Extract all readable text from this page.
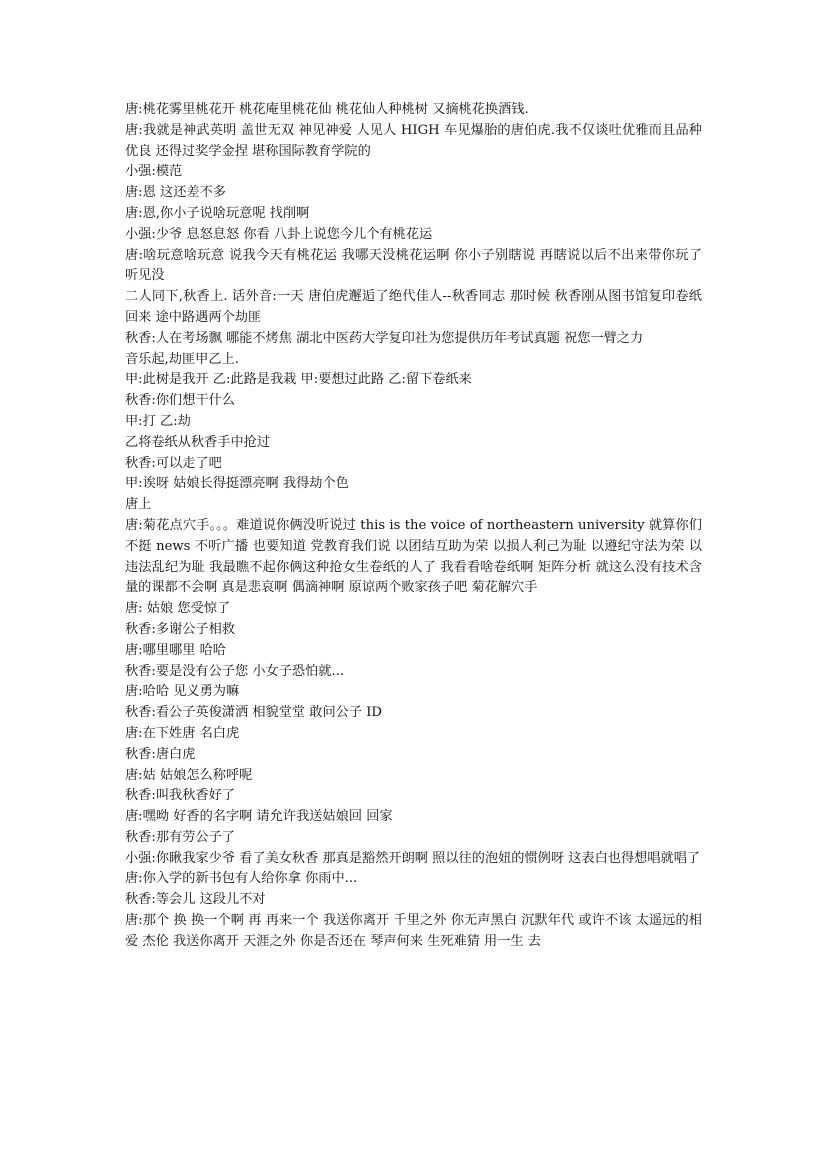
唐:桃花雾里桃花开 桃花庵里桃花仙 桃花仙人种桃树 又摘桃花换酒钱.
唐:我就是神武英明 盖世无双 神见神爱 人见人 HIGH 车见爆胎的唐伯虎.我不仅谈吐优雅而且品种优良 还得过奖学金捏 堪称国际教育学院的
小强:模范
唐:恩 这还差不多
唐:恩,你小子说啥玩意呢 找削啊
小强:少爷 息怒息怒 你看 八卦上说您今儿个有桃花运
唐:啥玩意啥玩意 说我今天有桃花运 我哪天没桃花运啊 你小子别瞎说 再瞎说以后不出来带你玩了 听见没
二人同下,秋香上. 话外音:一天 唐伯虎邂逅了绝代佳人--秋香同志 那时候 秋香刚从图书馆复印卷纸回来 途中路遇两个劫匪
秋香:人在考场飘 哪能不烤焦 湖北中医药大学复印社为您提供历年考试真题 祝您一臂之力
音乐起,劫匪甲乙上.
甲:此树是我开 乙:此路是我栽 甲:要想过此路 乙:留下卷纸来
秋香:你们想干什么
甲:打 乙:劫
乙将卷纸从秋香手中抢过
秋香:可以走了吧
甲:诶呀 姑娘长得挺漂亮啊 我得劫个色
唐上
唐:菊花点穴手。。。难道说你俩没听说过 this is the voice of northeastern university 就算你们不挺 news 不听广播 也要知道 党教育我们说 以团结互助为荣 以损人利己为耻 以遵纪守法为荣 以违法乱纪为耻 我最瞧不起你俩这种抢女生卷纸的人了 我看看啥卷纸啊 矩阵分析 就这么没有技术含量的课都不会啊 真是悲哀啊 偶滴神啊 原谅两个败家孩子吧 菊花解穴手
唐: 姑娘 您受惊了
秋香:多谢公子相救
唐:哪里哪里 哈哈
秋香:要是没有公子您 小女子恐怕就...
唐:哈哈 见义勇为嘛
秋香:看公子英俊潇洒 相貌堂堂 敢问公子 ID
唐:在下姓唐 名白虎
秋香:唐白虎
唐:姑 姑娘怎么称呼呢
秋香:叫我秋香好了
唐:嘿呦 好香的名字啊 请允许我送姑娘回 回家
秋香:那有劳公子了
小强:你瞅我家少爷 看了美女秋香 那真是豁然开朗啊 照以往的泡妞的惯例呀 这表白也得想唱就唱了
唐:你入学的新书包有人给你拿 你雨中...
秋香:等会儿 这段儿不对
唐:那个 换 换一个啊 再 再来一个 我送你离开 千里之外 你无声黑白 沉默年代 或许不该 太遥远的相爱 杰伦 我送你离开 天涯之外 你是否还在 琴声何来 生死难猜 用一生 去
